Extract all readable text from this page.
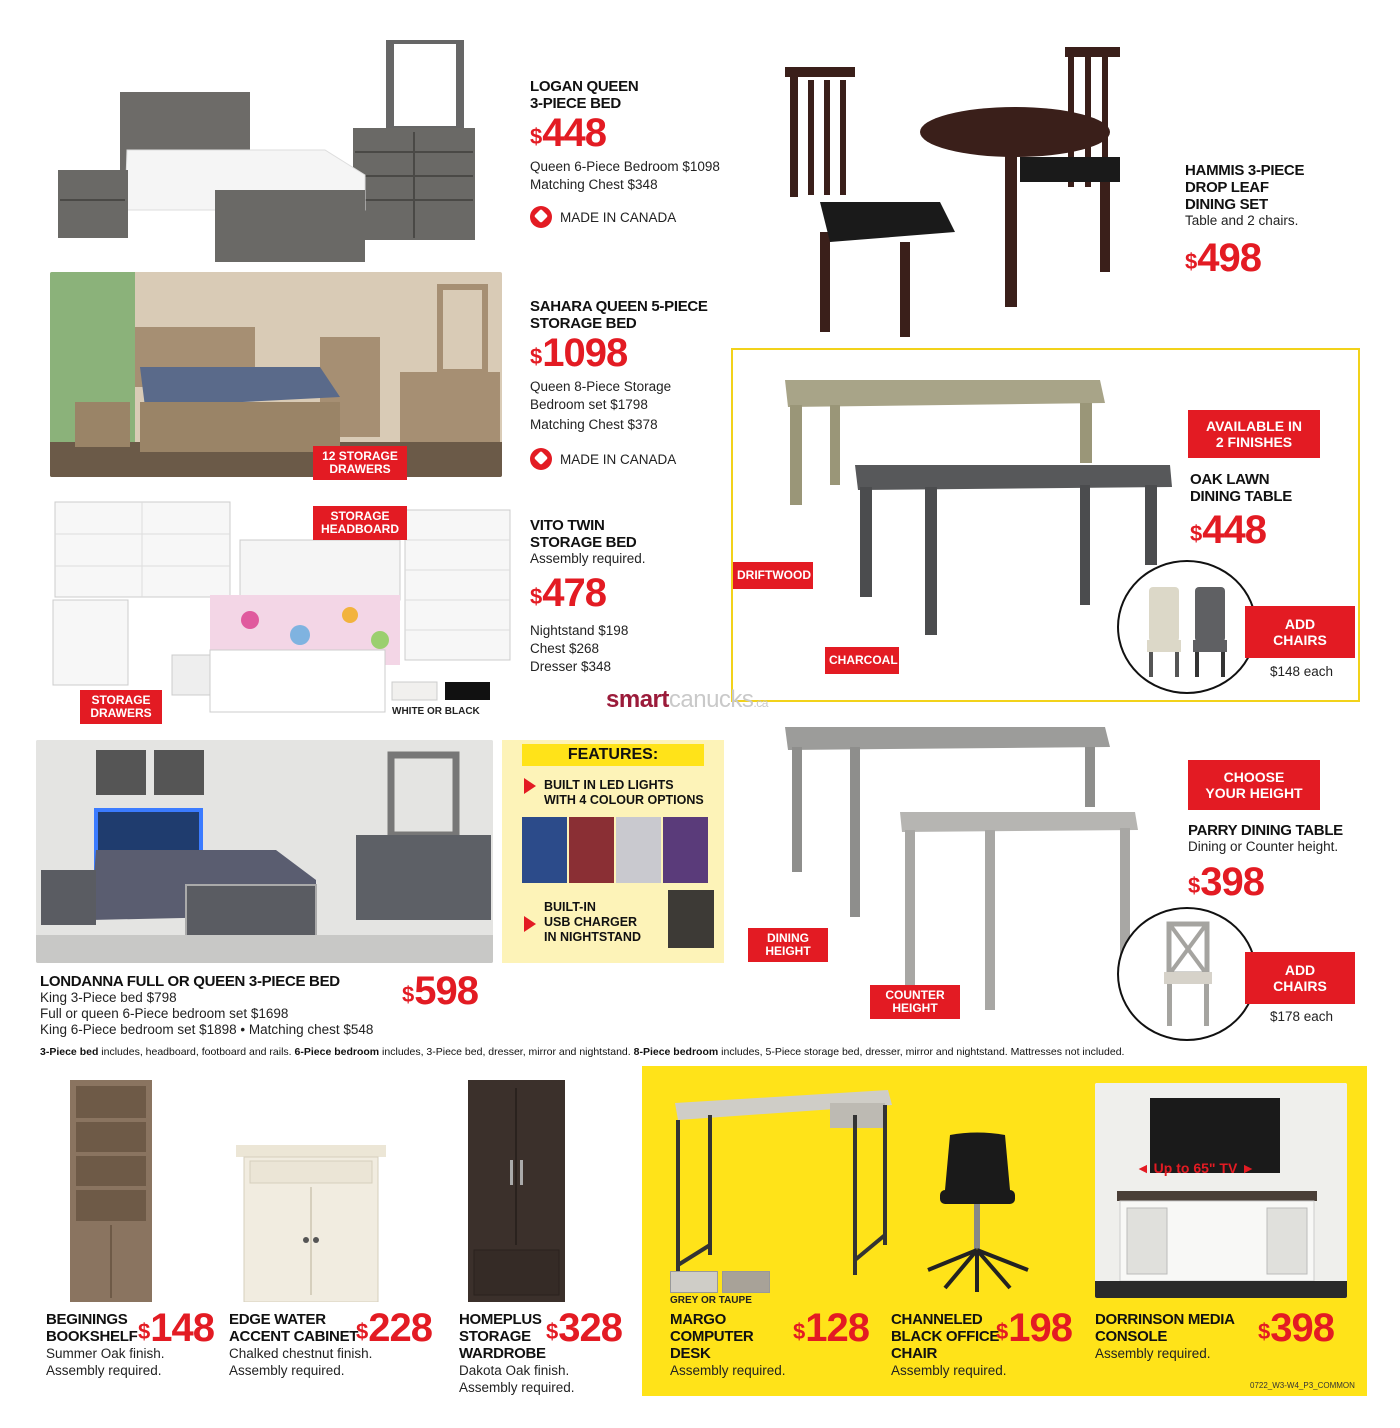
LOGAN QUEEN
3-PIECE BED
$448
Queen 6-Piece Bedroom $1098
Matching Chest $348
MADE IN CANADA
12 STORAGE
DRAWERS
SAHARA QUEEN 5-PIECE
STORAGE BED
$1098
Queen 8-Piece Storage
Bedroom set $1798
Matching Chest $378
MADE IN CANADA
STORAGE
HEADBOARD
STORAGE
DRAWERS	WHITE OR BLACK
VITO TWIN
STORAGE BED
Assembly required.
$478
Nightstand $198
Chest $268
Dresser $348
HAMMIS 3-PIECE
DROP LEAF
DINING SET
Table and 2 chairs.
$498
AVAILABLE IN
2 FINISHES
OAK LAWN
DINING TABLE
$448
DRIFTWOOD
CHARCOAL
ADD
CHAIRS
$148 each
smartcanucks.ca
FEATURES:
BUILT IN LED LIGHTS
WITH 4 COLOUR OPTIONS
BUILT-IN
USB CHARGER
IN NIGHTSTAND
LONDANNA FULL OR QUEEN 3-PIECE BED
King 3-Piece bed $798
Full or queen 6-Piece bedroom set $1698
King 6-Piece bedroom set $1898 • Matching chest $548
$598
CHOOSE
YOUR HEIGHT
PARRY DINING TABLE
Dining or Counter height.
$398
DINING
HEIGHT
COUNTER
HEIGHT
ADD
CHAIRS
$178 each
3-Piece bed includes, headboard, footboard and rails. 6-Piece bedroom includes, 3-Piece bed, dresser, mirror and nightstand. 8-Piece bedroom includes, 5-Piece storage bed, dresser, mirror and nightstand. Mattresses not included.
BEGININGS
BOOKSHELF
Summer Oak finish.
Assembly required.
$148 EDGE WATER
ACCENT CABINET
Chalked chestnut finish.
Assembly required.
$228 HOMEPLUS
STORAGE
WARDROBE
Dakota Oak finish.
Assembly required.
$328
GREY OR TAUPE
MARGO
COMPUTER
DESK
Assembly required.
$128 CHANNELED
BLACK OFFICE
CHAIR
Assembly required.
$198
◄ Up to 65" TV ►
DORRINSON MEDIA
CONSOLE
Assembly required.
$398
0722_W3-W4_P3_COMMON
